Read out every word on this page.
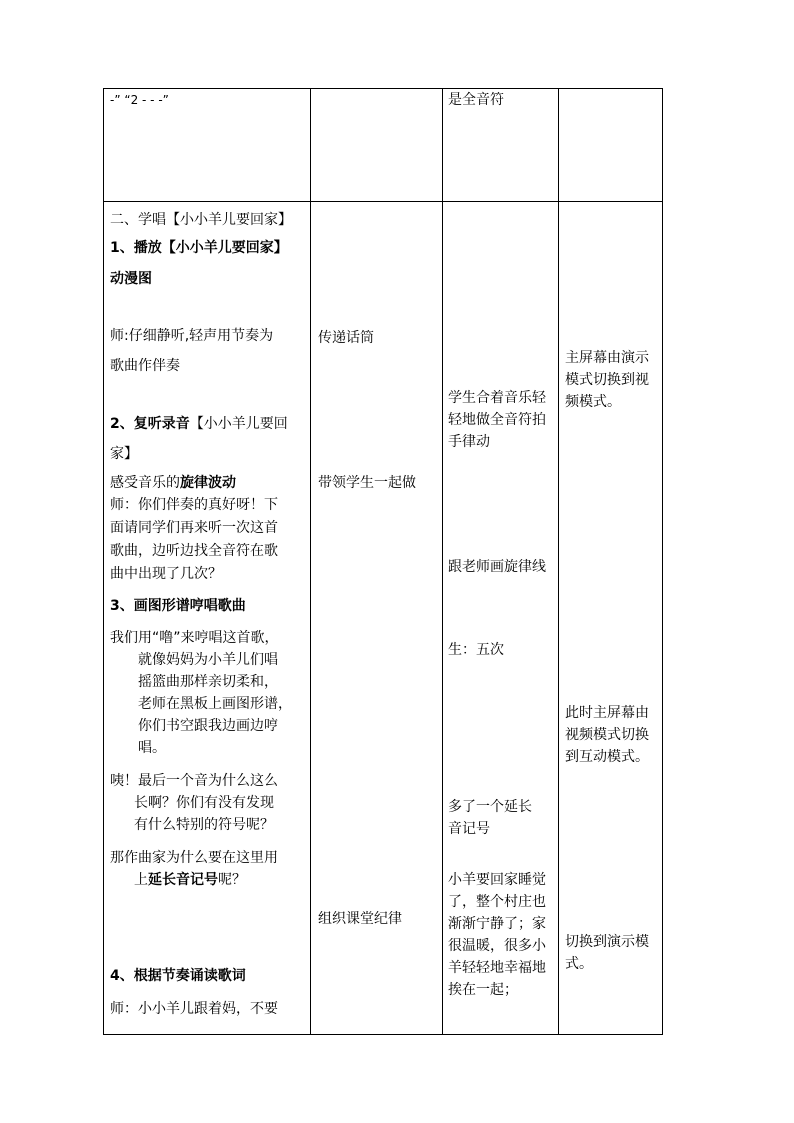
-” “2 - - -”	是全音符
二、学唱【小小羊儿要回家】
1、播放【小小羊儿要回家】
动漫图
师:仔细静听,轻声用节奏为
歌曲作伴奏
2、复听录音【小小羊儿要回
家】
感受音乐的旋律波动
师：你们伴奏的真好呀！下
面请同学们再来听一次这首
歌曲，边听边找全音符在歌
曲中出现了几次？
3、画图形谱哼唱歌曲
我们用“噜”来哼唱这首歌，
就像妈妈为小羊儿们唱
摇篮曲那样亲切柔和，
老师在黑板上画图形谱，
你们书空跟我边画边哼
唱。
咦！最后一个音为什么这么
长啊？你们有没有发现
有什么特别的符号呢？
那作曲家为什么要在这里用
上延长音记号呢？
4、根据节奏诵读歌词
师：小小羊儿跟着妈，不要
传递话筒
带领学生一起做
组织课堂纪律
学生合着音乐轻
轻地做全音符拍
手律动
跟老师画旋律线
生：五次
多了一个延长
音记号
小羊要回家睡觉
了，整个村庄也
渐渐宁静了；家
很温暖，很多小
羊轻轻地幸福地
挨在一起；
主屏幕由演示
模式切换到视
频模式。
此时主屏幕由
视频模式切换
到互动模式。
切换到演示模
式。
